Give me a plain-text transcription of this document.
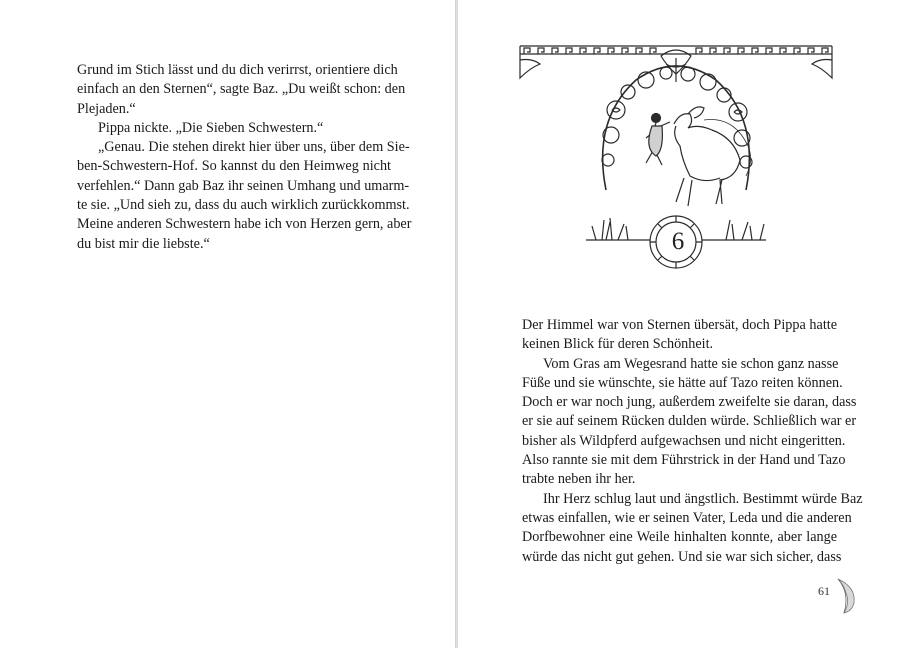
Grund im Stich lässt und du dich verirrst, orientiere dich
einfach an den Sternen“, sagte Baz. „Du weißt schon: den
Plejaden.“
Pippa nickte. „Die Sieben Schwestern.“
„Genau. Die stehen direkt hier über uns, über dem Sie-
ben-Schwestern-Hof. So kannst du den Heimweg nicht
verfehlen.“ Dann gab Baz ihr seinen Umhang und umarm-
te sie. „Und sieh zu, dass du auch wirklich zurückkommst.
Meine anderen Schwestern habe ich von Herzen gern, aber
du bist mir die liebste.“	6
Der Himmel war von Sternen übersät, doch Pippa hatte
keinen Blick für deren Schönheit.
Vom Gras am Wegesrand hatte sie schon ganz nasse
Füße und sie wünschte, sie hätte auf Tazo reiten können.
Doch er war noch jung, außerdem zweifelte sie daran, dass
er sie auf seinem Rücken dulden würde. Schließlich war er
bisher als Wildpferd aufgewachsen und nicht eingeritten.
Also rannte sie mit dem Führstrick in der Hand und Tazo
trabte neben ihr her.
Ihr Herz schlug laut und ängstlich. Bestimmt würde Baz
etwas einfallen, wie er seinen Vater, Leda und die anderen
Dorfbewohner eine Weile hinhalten konnte, aber lange
würde das nicht gut gehen. Und sie war sich sicher, dass
61
